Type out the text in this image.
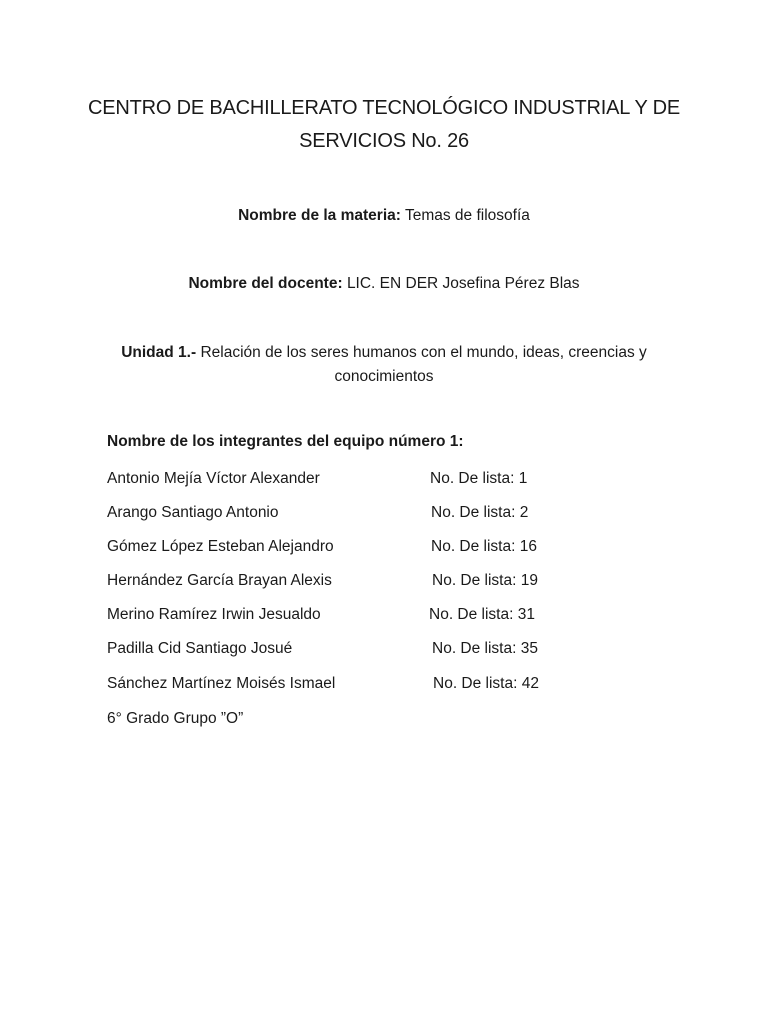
CENTRO DE BACHILLERATO TECNOLÓGICO INDUSTRIAL Y DE
SERVICIOS No. 26
Nombre de la materia: Temas de filosofía
Nombre del docente: LIC. EN DER Josefina Pérez Blas
Unidad 1.- Relación de los seres humanos con el mundo, ideas, creencias y
conocimientos
Nombre de los integrantes del equipo número 1:
Antonio Mejía Víctor Alexander	No. De lista: 1
Arango Santiago Antonio	No. De lista: 2
Gómez López Esteban Alejandro	No. De lista: 16
Hernández García Brayan Alexis	No. De lista: 19
Merino Ramírez Irwin Jesualdo	No. De lista: 31
Padilla Cid Santiago Josué	No. De lista: 35
Sánchez Martínez Moisés Ismael	No. De lista: 42
6° Grado Grupo ”O”
